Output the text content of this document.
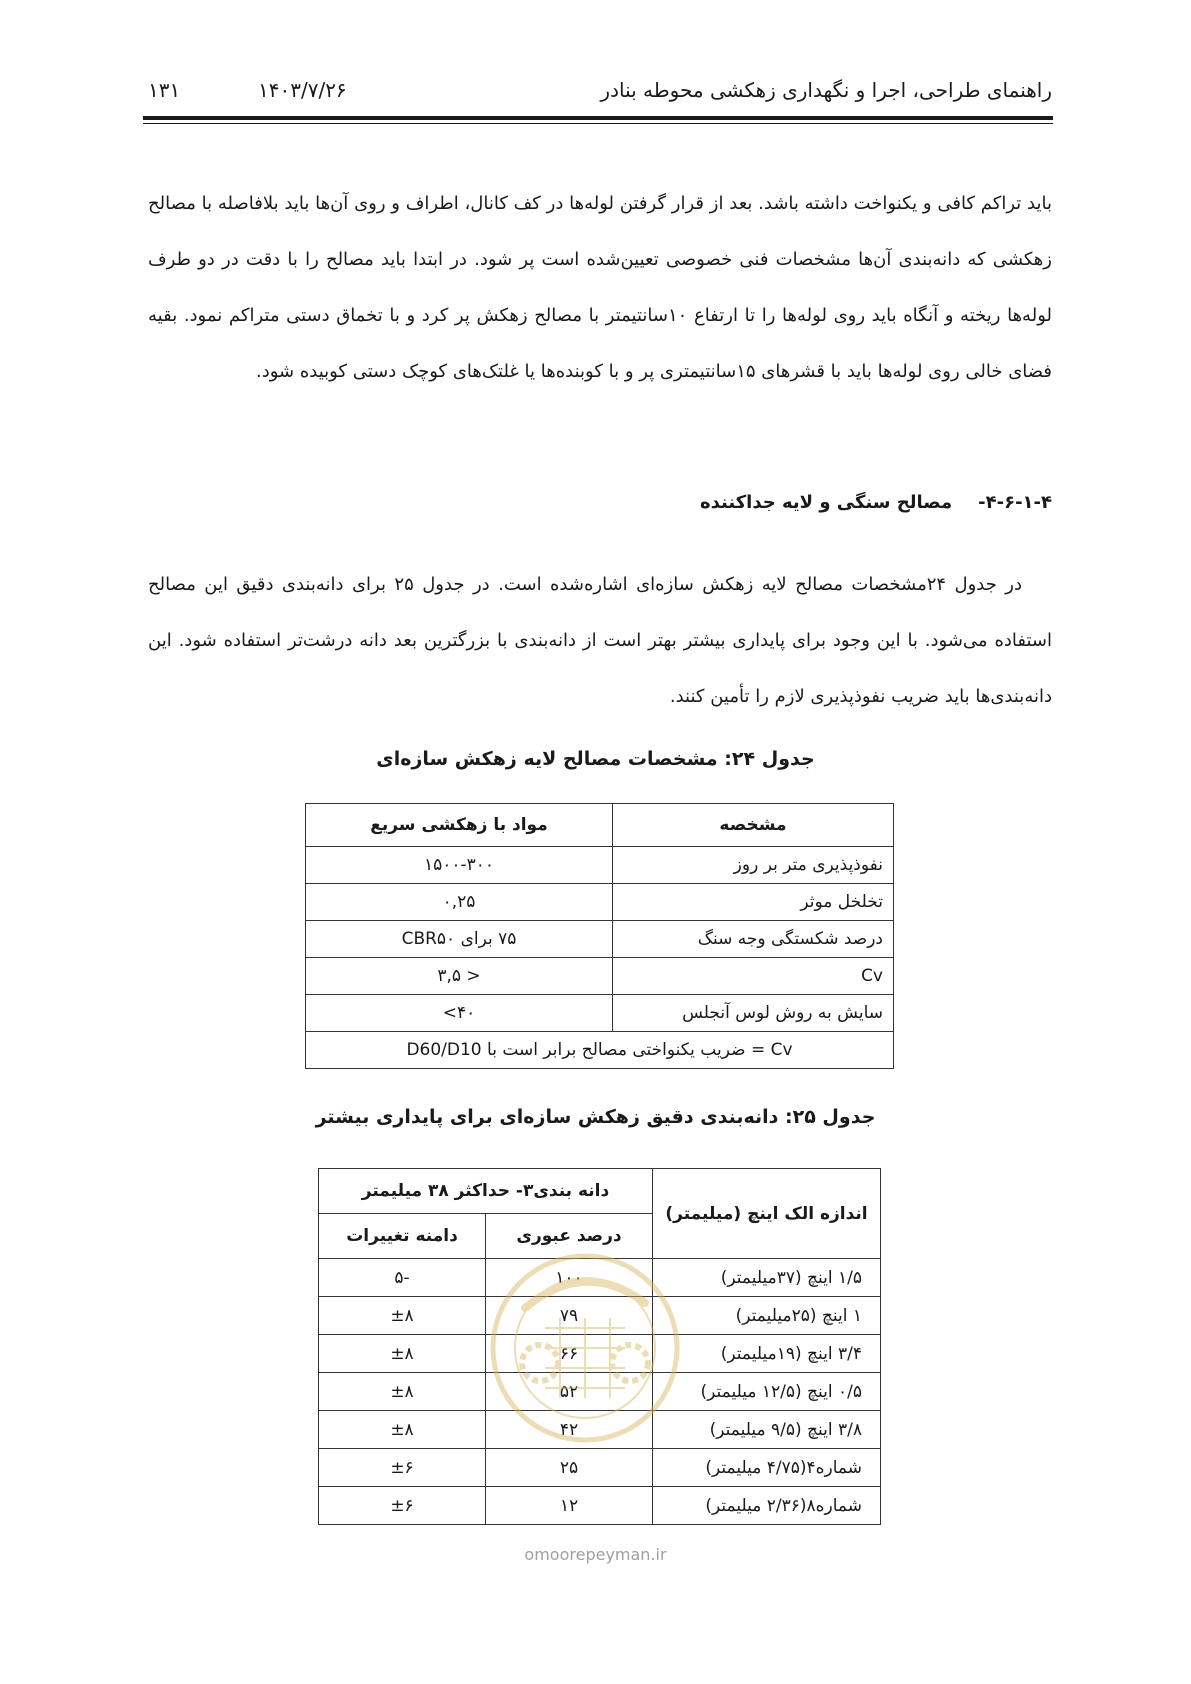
راهنمای طراحی، اجرا و نگهداری زهکشی محوطه بنادر
۱۴۰۳/۷/۲۶
۱۳۱
باید تراکم کافی و یکنواخت داشته باشد. بعد از قرار گرفتن لوله‌ها در کف کانال، اطراف و روی آن‌ها باید بلافاصله با مصالح زهکشی که دانه‌بندی آن‌ها مشخصات فنی خصوصی تعیین‌شده است پر شود. در ابتدا باید مصالح را با دقت در دو طرف لوله‌ها ریخته و آنگاه باید روی لوله‌ها را تا ارتفاع ۱۰سانتیمتر با مصالح زهکش پر کرد و با تخماق دستی متراکم نمود. بقیه فضای خالی روی لوله‌ها باید با قشرهای ۱۵سانتیمتری پر و با کوبنده‌ها یا غلتک‌های کوچک دستی کوبیده شود.
۴-۶-۱-۴-مصالح سنگی و لایه جداکننده
در جدول ۲۴مشخصات مصالح لایه زهکش سازه‌ای اشاره‌شده است. در جدول ۲۵ برای دانه‌بندی دقیق این مصالح استفاده می‌شود. با این وجود برای پایداری بیشتر بهتر است از دانه‌بندی با بزرگترین بعد دانه درشت‌تر استفاده شود. این دانه‌بندی‌ها باید ضریب نفوذپذیری لازم را تأمین کنند.
جدول ۲۴: مشخصات مصالح لایه زهکش سازه‌ای
مشخصه	مواد با زهکشی سریع
نفوذپذیری متر بر روز	۱۵۰۰-۳۰۰
تخلخل موثر	۰,۲۵
درصد شکستگی وجه سنگ	۷۵ برای CBR۵۰
Cv	< ۳,۵
سایش به روش لوس آنجلس	۴۰>
Cv = ضریب یکنواختی مصالح برابر است با D60/D10	
جدول ۲۵: دانه‌بندی دقیق زهکش سازه‌ای برای پایداری بیشتر
اندازه الک اینچ (میلیمتر)	دانه بندی۳- حداکثر ۳۸ میلیمتر	
	درصد عبوری	دامنه تغییرات
۱/۵ اینچ (۳۷میلیمتر)	۱۰۰	-۵
۱ اینچ (۲۵میلیمتر)	۷۹	±۸
۳/۴ اینچ (۱۹میلیمتر)	۶۶	±۸
۰/۵ اینچ (۱۲/۵ میلیمتر)	۵۲	±۸
۳/۸ اینچ (۹/۵ میلیمتر)	۴۲	±۸
شماره۴(۴/۷۵ میلیمتر)	۲۵	±۶
شماره۸(۲/۳۶ میلیمتر)	۱۲	±۶
omoorepeyman.ir
